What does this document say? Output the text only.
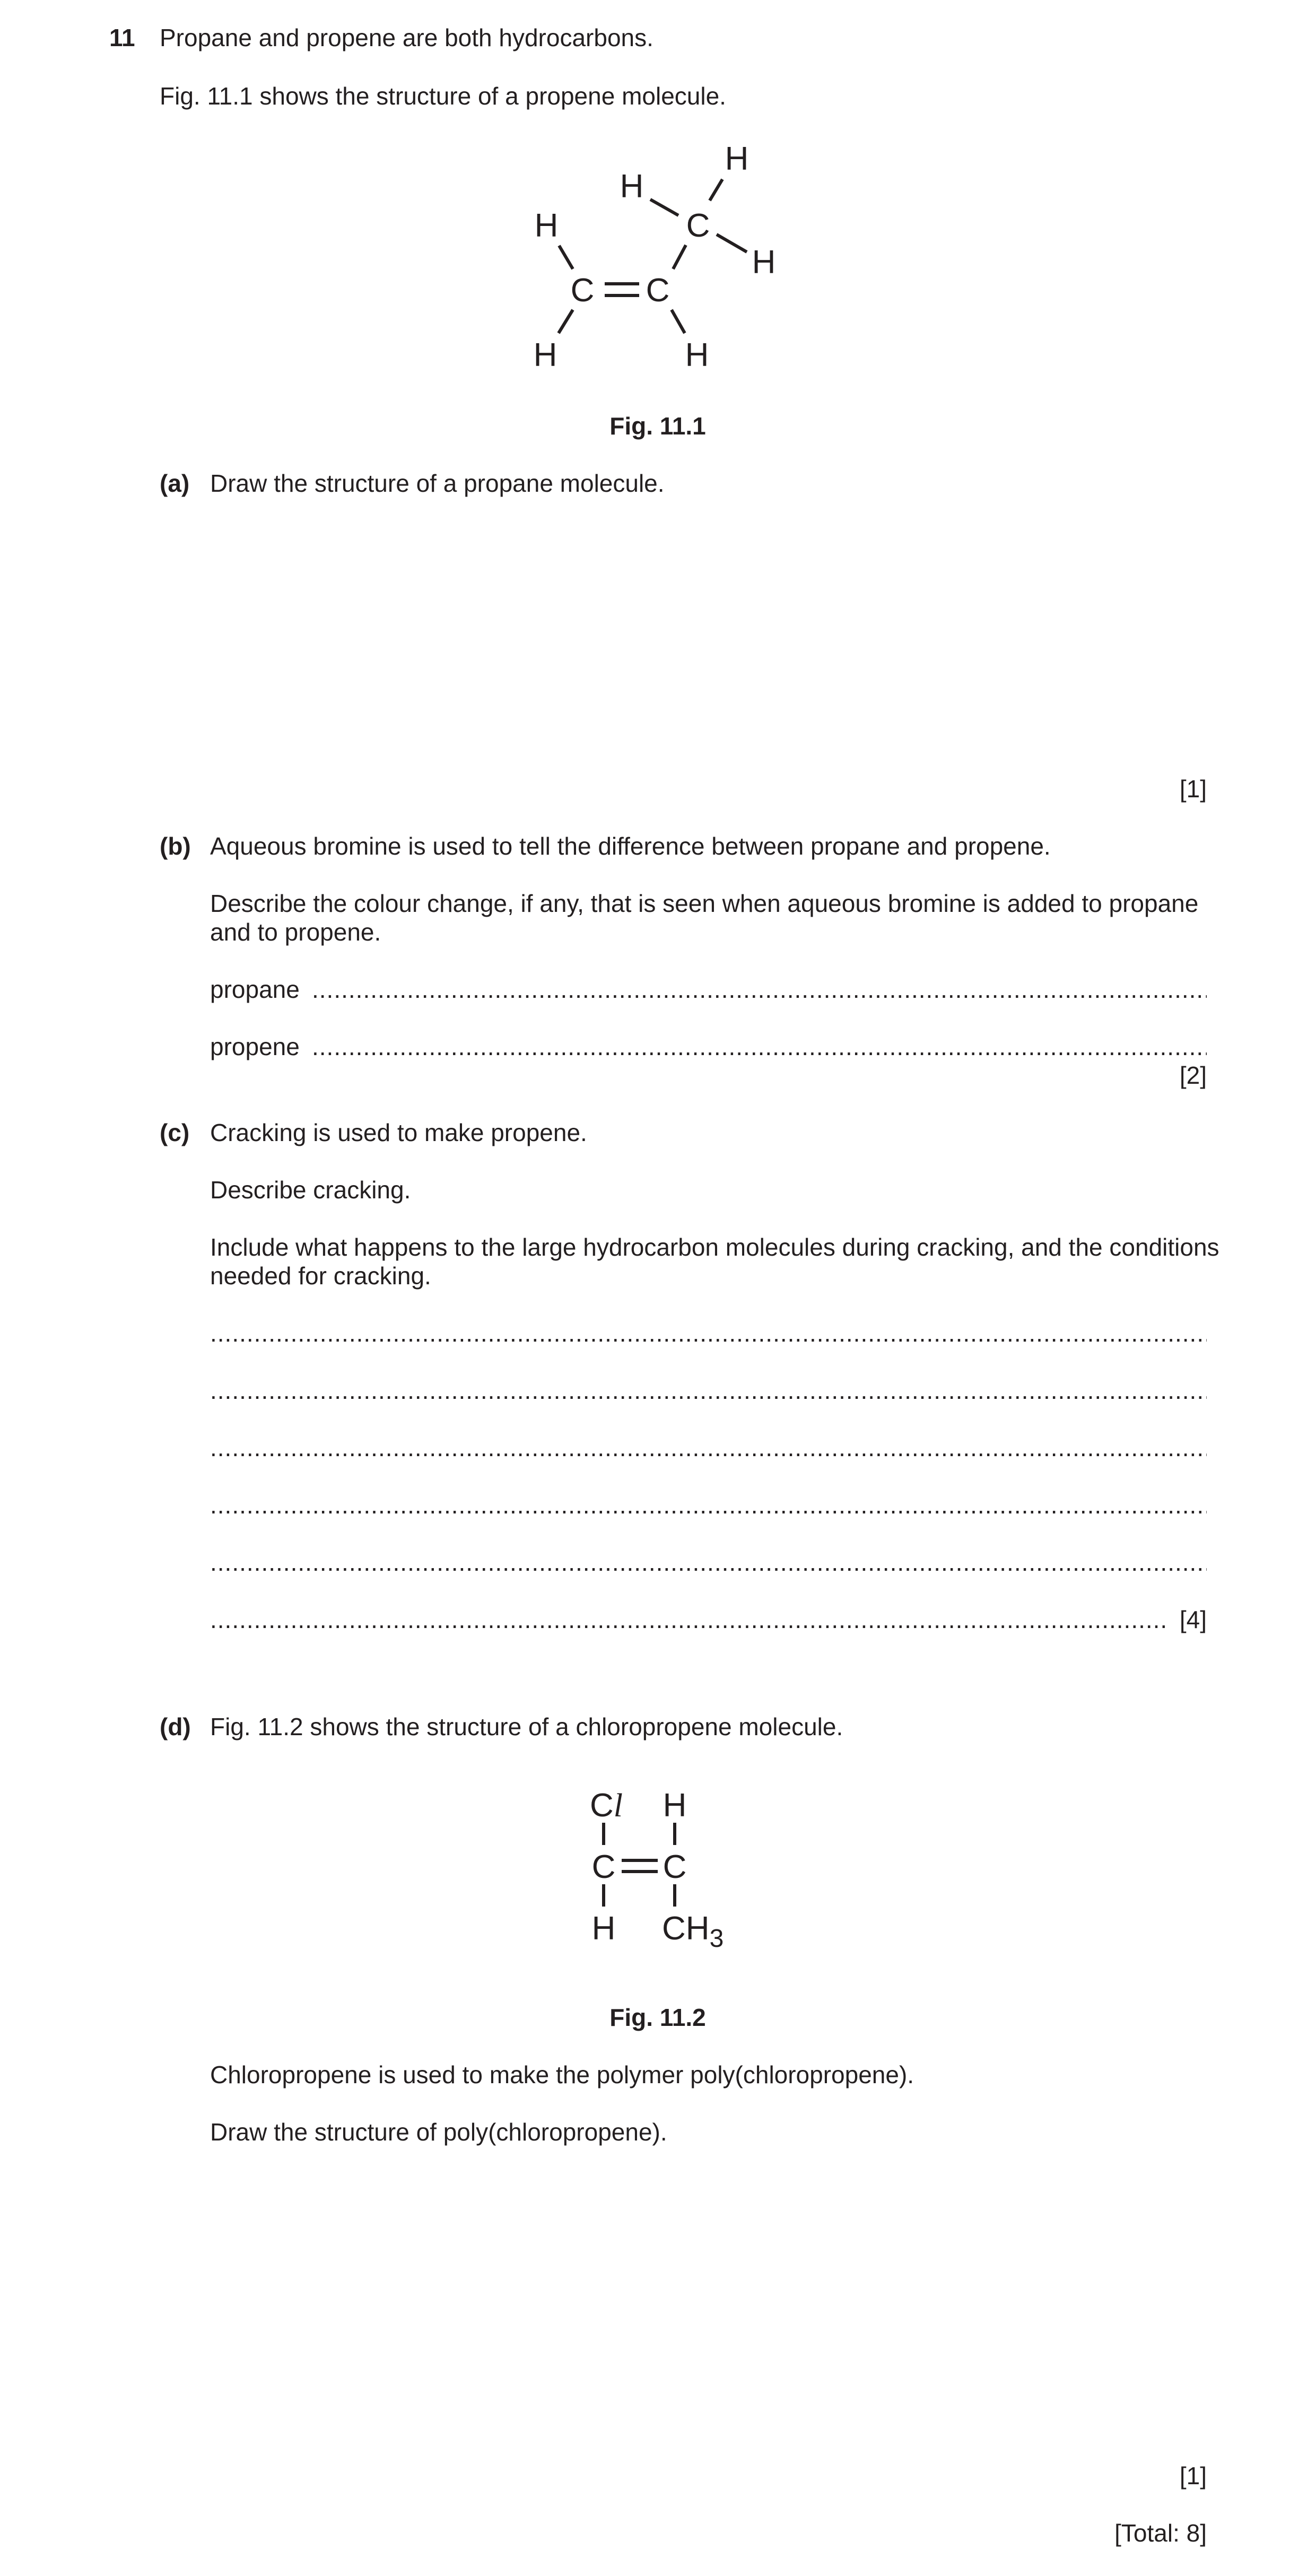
11 Propane and propene are both hydrocarbons.
Fig. 11.1 shows the structure of a propene molecule.
C C
C
H
H	H
H
H
H
Fig. 11.1
(a) Draw the structure of a propane molecule.
[1]
(b) Aqueous bromine is used to tell the difference between propane and propene.
Describe the colour change, if any, that is seen when aqueous bromine is added to propane
and to propene.
propane
.....
propene
.....
[2]
(c) Cracking is used to make propene.
Describe cracking.
Include what happens to the large hydrocarbon molecules during cracking, and the conditions
needed for cracking.
.....
.....
.....
.....
.....
.....
[4]
(d) Fig. 11.2 shows the structure of a chloropropene molecule.
Cl H
C C
H $CH_3$
Fig. 11.2
Chloropropene is used to make the polymer poly(chloropropene).
Draw the structure of poly(chloropropene).
[1]
[Total: 8]
